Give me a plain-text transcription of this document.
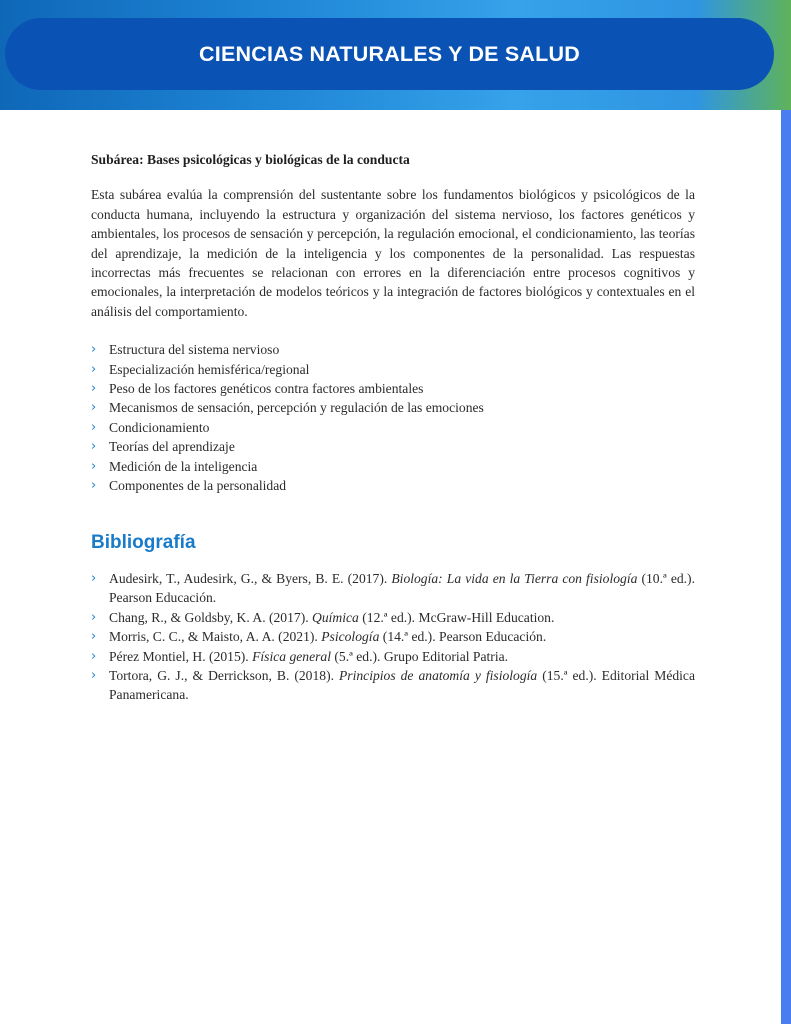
CIENCIAS NATURALES Y DE SALUD

Subárea: Bases psicológicas y biológicas de la conducta

Esta subárea evalúa la comprensión del sustentante sobre los fundamentos biológicos y psicológicos de la conducta humana, incluyendo la estructura y organización del sistema nervioso, los factores genéticos y ambientales, los procesos de sensación y percepción, la regulación emocional, el condicionamiento, las teorías del aprendizaje, la medición de la inteligencia y los componentes de la personalidad. Las respuestas incorrectas más frecuentes se relacionan con errores en la diferenciación entre procesos cognitivos y emocionales, la interpretación de modelos teóricos y la integración de factores biológicos y contextuales en el análisis del comportamiento.

› Estructura del sistema nervioso
› Especialización hemisférica/regional
› Peso de los factores genéticos contra factores ambientales
› Mecanismos de sensación, percepción y regulación de las emociones
› Condicionamiento
› Teorías del aprendizaje
› Medición de la inteligencia
› Componentes de la personalidad
Bibliografía
› Audesirk, T., Audesirk, G., & Byers, B. E. (2017). Biología: La vida en la Tierra con fisiología (10.ª ed.). Pearson Educación.
› Chang, R., & Goldsby, K. A. (2017). Química (12.ª ed.). McGraw-Hill Education.
› Morris, C. C., & Maisto, A. A. (2021). Psicología (14.ª ed.). Pearson Educación.
› Pérez Montiel, H. (2015). Física general (5.ª ed.). Grupo Editorial Patria.
› Tortora, G. J., & Derrickson, B. (2018). Principios de anatomía y fisiología (15.ª ed.). Editorial Médica Panamericana.
